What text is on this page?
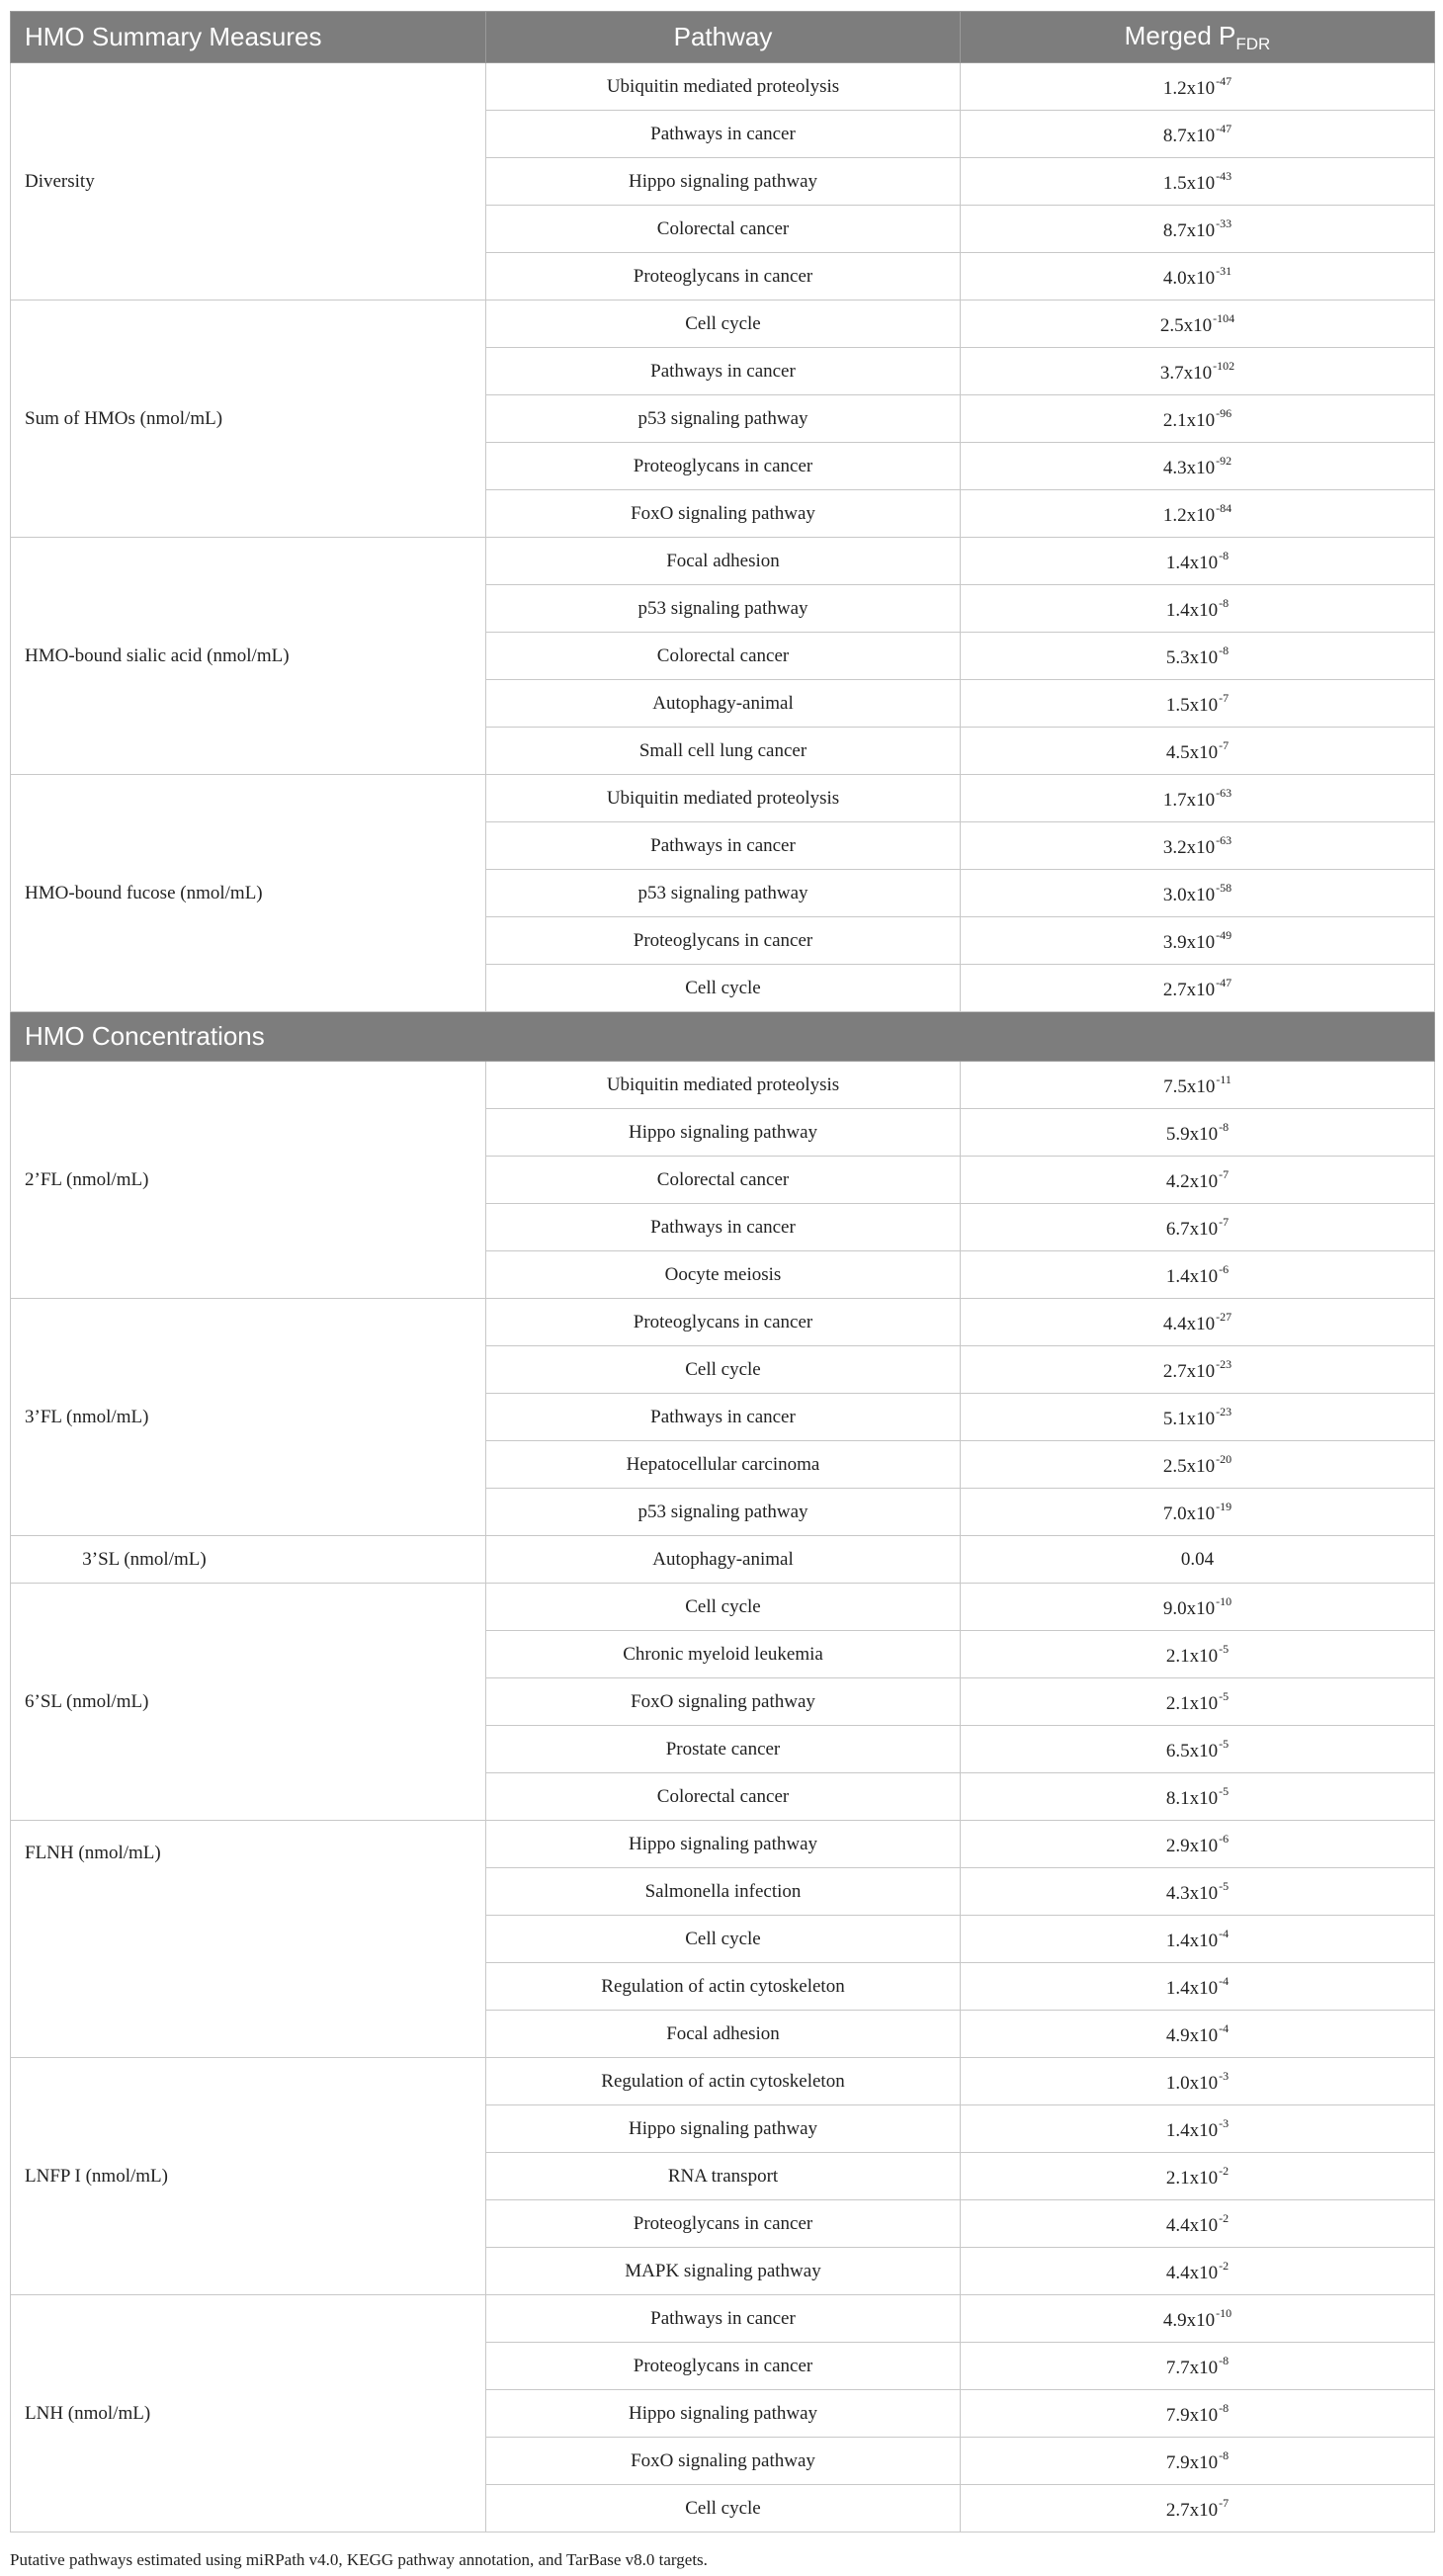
HMO Summary Measures	Pathway	Merged $P_{FDR}$
Diversity	Ubiquitin mediated proteolysis	$1.2x10^{-47}$
	Pathways in cancer	$8.7x10^{-47}$
	Hippo signaling pathway	$1.5x10^{-43}$
	Colorectal cancer	$8.7x10^{-33}$
	Proteoglycans in cancer	$4.0x10^{-31}$
Sum of HMOs (nmol/mL)	Cell cycle	$2.5x10^{-104}$
	Pathways in cancer	$3.7x10^{-102}$
	p53 signaling pathway	$2.1x10^{-96}$
	Proteoglycans in cancer	$4.3x10^{-92}$
	FoxO signaling pathway	$1.2x10^{-84}$
HMO-bound sialic acid (nmol/mL)	Focal adhesion	$1.4x10^{-8}$
	p53 signaling pathway	$1.4x10^{-8}$
	Colorectal cancer	$5.3x10^{-8}$
	Autophagy-animal	$1.5x10^{-7}$
	Small cell lung cancer	$4.5x10^{-7}$
HMO-bound fucose (nmol/mL)	Ubiquitin mediated proteolysis	$1.7x10^{-63}$
	Pathways in cancer	$3.2x10^{-63}$
	p53 signaling pathway	$3.0x10^{-58}$
	Proteoglycans in cancer	$3.9x10^{-49}$
	Cell cycle	$2.7x10^{-47}$
HMO Concentrations		
2’FL (nmol/mL)	Ubiquitin mediated proteolysis	$7.5x10^{-11}$
	Hippo signaling pathway	$5.9x10^{-8}$
	Colorectal cancer	$4.2x10^{-7}$
	Pathways in cancer	$6.7x10^{-7}$
	Oocyte meiosis	$1.4x10^{-6}$
3’FL (nmol/mL)	Proteoglycans in cancer	$4.4x10^{-27}$
	Cell cycle	$2.7x10^{-23}$
	Pathways in cancer	$5.1x10^{-23}$
	Hepatocellular carcinoma	$2.5x10^{-20}$
	p53 signaling pathway	$7.0x10^{-19}$
3’SL (nmol/mL)	Autophagy-animal	0.04
6’SL (nmol/mL)	Cell cycle	$9.0x10^{-10}$
	Chronic myeloid leukemia	$2.1x10^{-5}$
	FoxO signaling pathway	$2.1x10^{-5}$
	Prostate cancer	$6.5x10^{-5}$
	Colorectal cancer	$8.1x10^{-5}$
FLNH (nmol/mL)	Hippo signaling pathway	$2.9x10^{-6}$
	Salmonella infection	$4.3x10^{-5}$
	Cell cycle	$1.4x10^{-4}$
	Regulation of actin cytoskeleton	$1.4x10^{-4}$
	Focal adhesion	$4.9x10^{-4}$
LNFP I (nmol/mL)	Regulation of actin cytoskeleton	$1.0x10^{-3}$
	Hippo signaling pathway	$1.4x10^{-3}$
	RNA transport	$2.1x10^{-2}$
	Proteoglycans in cancer	$4.4x10^{-2}$
	MAPK signaling pathway	$4.4x10^{-2}$
LNH (nmol/mL)	Pathways in cancer	$4.9x10^{-10}$
	Proteoglycans in cancer	$7.7x10^{-8}$
	Hippo signaling pathway	$7.9x10^{-8}$
	FoxO signaling pathway	$7.9x10^{-8}$
	Cell cycle	$2.7x10^{-7}$
Putative pathways estimated using miRPath v4.0, KEGG pathway annotation, and TarBase v8.0 targets.
